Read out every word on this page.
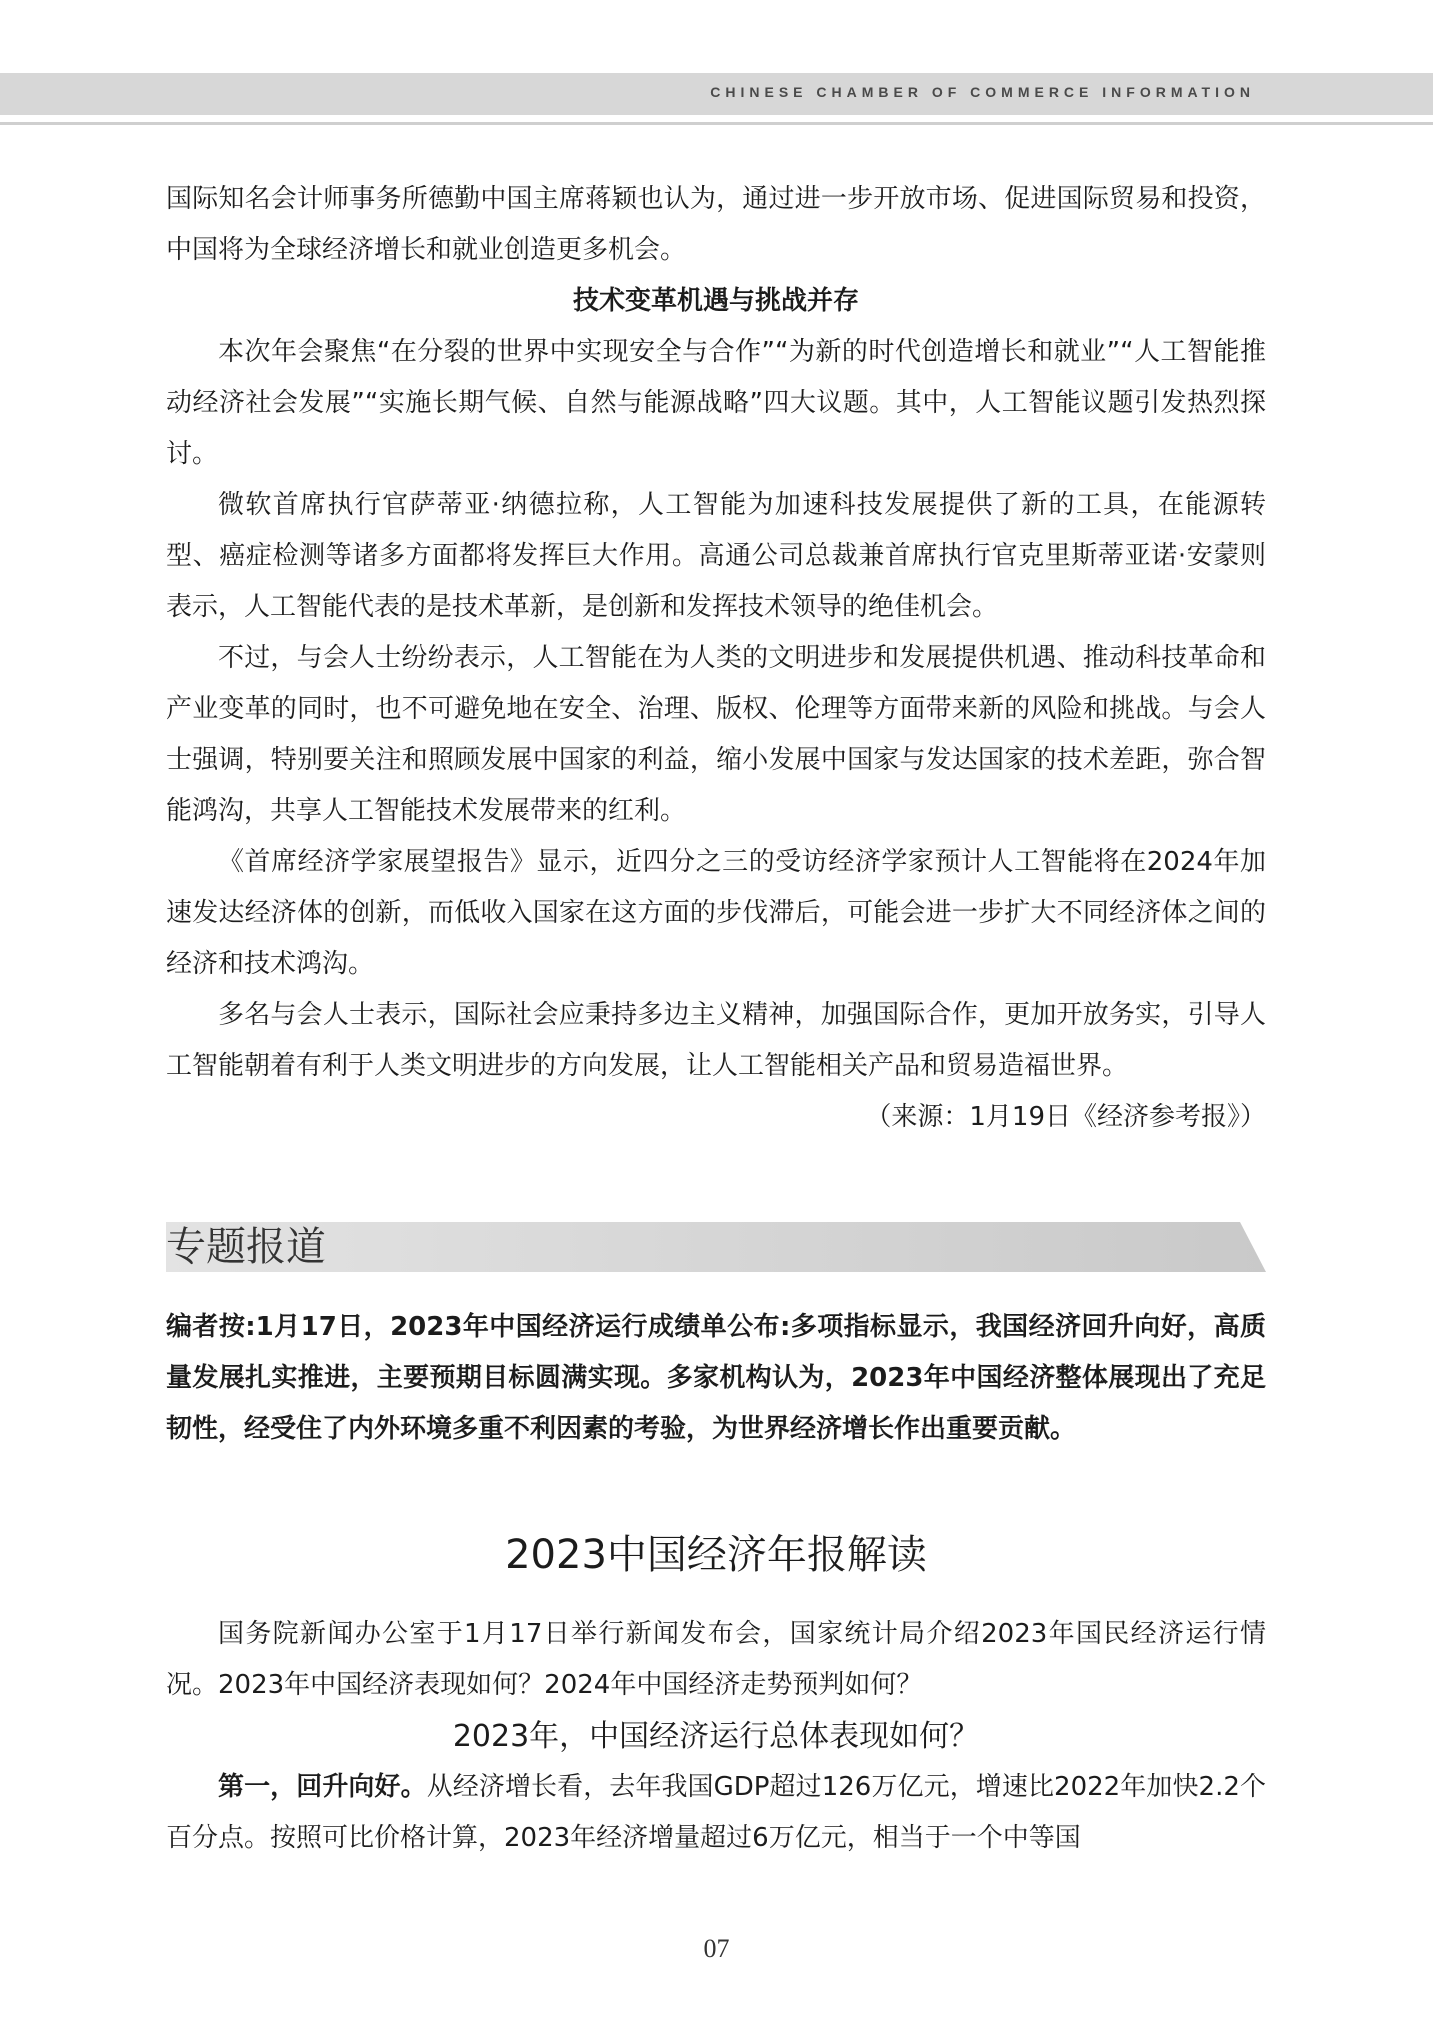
CHINESE CHAMBER OF COMMERCE INFORMATION

国际知名会计师事务所德勤中国主席蒋颖也认为，通过进一步开放市场、促进国际贸易和投资，中国将为全球经济增长和就业创造更多机会。

技术变革机遇与挑战并存

本次年会聚焦“在分裂的世界中实现安全与合作”“为新的时代创造增长和就业”“人工智能推动经济社会发展”“实施长期气候、自然与能源战略”四大议题。其中，人工智能议题引发热烈探讨。

微软首席执行官萨蒂亚·纳德拉称，人工智能为加速科技发展提供了新的工具，在能源转型、癌症检测等诸多方面都将发挥巨大作用。高通公司总裁兼首席执行官克里斯蒂亚诺·安蒙则表示，人工智能代表的是技术革新，是创新和发挥技术领导的绝佳机会。

不过，与会人士纷纷表示，人工智能在为人类的文明进步和发展提供机遇、推动科技革命和产业变革的同时，也不可避免地在安全、治理、版权、伦理等方面带来新的风险和挑战。与会人士强调，特别要关注和照顾发展中国家的利益，缩小发展中国家与发达国家的技术差距，弥合智能鸿沟，共享人工智能技术发展带来的红利。

《首席经济学家展望报告》显示，近四分之三的受访经济学家预计人工智能将在2024年加速发达经济体的创新，而低收入国家在这方面的步伐滞后，可能会进一步扩大不同经济体之间的经济和技术鸿沟。

多名与会人士表示，国际社会应秉持多边主义精神，加强国际合作，更加开放务实，引导人工智能朝着有利于人类文明进步的方向发展，让人工智能相关产品和贸易造福世界。

（来源：1月19日《经济参考报》）

专题报道

编者按:1月17日，2023年中国经济运行成绩单公布:多项指标显示，我国经济回升向好，高质量发展扎实推进，主要预期目标圆满实现。多家机构认为，2023年中国经济整体展现出了充足韧性，经受住了内外环境多重不利因素的考验，为世界经济增长作出重要贡献。

2023中国经济年报解读

国务院新闻办公室于1月17日举行新闻发布会，国家统计局介绍2023年国民经济运行情况。2023年中国经济表现如何？2024年中国经济走势预判如何？

2023年，中国经济运行总体表现如何？

第一，回升向好。从经济增长看，去年我国GDP超过126万亿元，增速比2022年加快2.2个百分点。按照可比价格计算，2023年经济增量超过6万亿元，相当于一个中等国

07
